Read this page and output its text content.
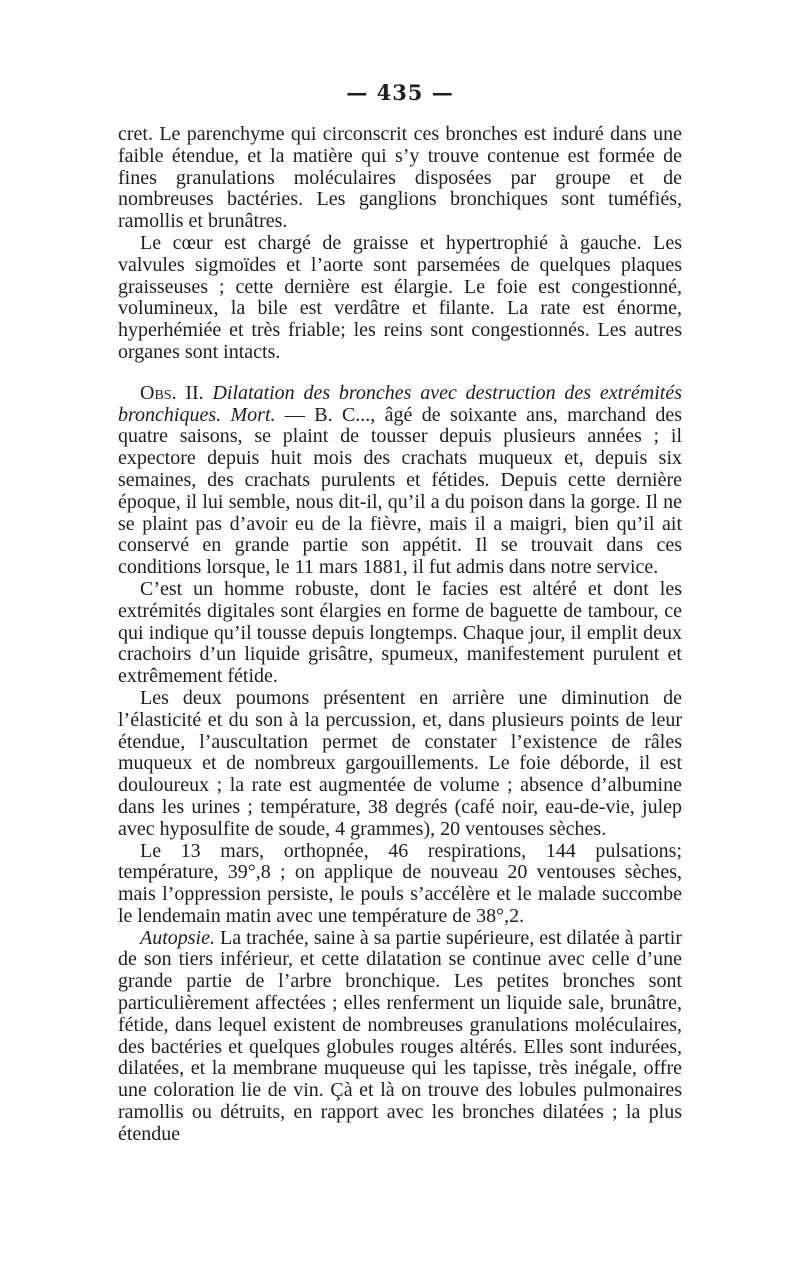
— 435 —

cret. Le parenchyme qui circonscrit ces bronches est induré dans une faible étendue, et la matière qui s’y trouve contenue est formée de fines granulations moléculaires disposées par groupe et de nombreuses bactéries. Les ganglions bronchiques sont tuméfiés, ramollis et brunâtres.

Le cœur est chargé de graisse et hypertrophié à gauche. Les valvules sigmoïdes et l’aorte sont parsemées de quelques plaques graisseuses ; cette dernière est élargie. Le foie est congestionné, volumineux, la bile est verdâtre et filante. La rate est énorme, hyperhémiée et très friable; les reins sont congestionnés. Les autres organes sont intacts.

Obs. II. Dilatation des bronches avec destruction des extrémités bronchiques. Mort. — B. C..., âgé de soixante ans, marchand des quatre saisons, se plaint de tousser depuis plusieurs années ; il expectore depuis huit mois des crachats muqueux et, depuis six semaines, des crachats purulents et fétides. Depuis cette dernière époque, il lui semble, nous dit-il, qu’il a du poison dans la gorge. Il ne se plaint pas d’avoir eu de la fièvre, mais il a maigri, bien qu’il ait conservé en grande partie son appétit. Il se trouvait dans ces conditions lorsque, le 11 mars 1881, il fut admis dans notre service.

C’est un homme robuste, dont le facies est altéré et dont les extrémités digitales sont élargies en forme de baguette de tambour, ce qui indique qu’il tousse depuis longtemps. Chaque jour, il emplit deux crachoirs d’un liquide grisâtre, spumeux, manifestement purulent et extrêmement fétide.

Les deux poumons présentent en arrière une diminution de l’élasticité et du son à la percussion, et, dans plusieurs points de leur étendue, l’auscultation permet de constater l’existence de râles muqueux et de nombreux gargouillements. Le foie déborde, il est douloureux ; la rate est augmentée de volume ; absence d’albumine dans les urines ; température, 38 degrés (café noir, eau-de-vie, julep avec hyposulfite de soude, 4 grammes), 20 ventouses sèches.

Le 13 mars, orthopnée, 46 respirations, 144 pulsations; température, 39°,8 ; on applique de nouveau 20 ventouses sèches, mais l’oppression persiste, le pouls s’accélère et le malade succombe le lendemain matin avec une température de 38°,2.

Autopsie. La trachée, saine à sa partie supérieure, est dilatée à partir de son tiers inférieur, et cette dilatation se continue avec celle d’une grande partie de l’arbre bronchique. Les petites bronches sont particulièrement affectées ; elles renferment un liquide sale, brunâtre, fétide, dans lequel existent de nombreuses granulations moléculaires, des bactéries et quelques globules rouges altérés. Elles sont indurées, dilatées, et la membrane muqueuse qui les tapisse, très inégale, offre une coloration lie de vin. Çà et là on trouve des lobules pulmonaires ramollis ou détruits, en rapport avec les bronches dilatées ; la plus étendue
